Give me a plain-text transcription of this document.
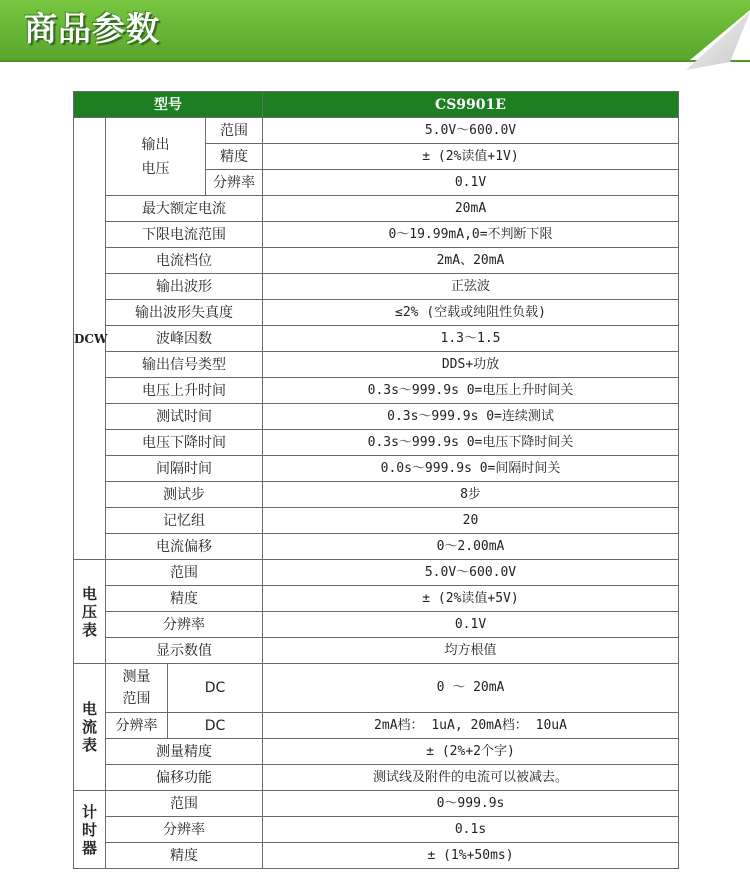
商品参数
型号				CS9901E
DCW	输出电压		范围	5.0V～600.0V
			精度	± (2%读值+1V)
			分辨率	0.1V
	最大额定电流			20mA
	下限电流范围			0～19.99mA,0=不判断下限
	电流档位			2mA、20mA
	输出波形			正弦波
	输出波形失真度			≤2% (空载或纯阻性负载)
	波峰因数			1.3～1.5
	输出信号类型			DDS+功放
	电压上升时间			0.3s～999.9s 0=电压上升时间关
	测试时间			0.3s～999.9s 0=连续测试
	电压下降时间			0.3s～999.9s 0=电压下降时间关
	间隔时间			0.0s～999.9s 0=间隔时间关
	测试步			8步
	记忆组			20
	电流偏移			0～2.00mA

电压表	范围			5.0V～600.0V
	精度			± (2%读值+5V)
	分辨率			0.1V
	显示数值			均方根值

电流表	测量范围	DC		0 ～ 20mA
	分辨率	DC		2mA档： 1uA, 20mA档： 10uA
	测量精度			± (2%+2个字)
	偏移功能			测试线及附件的电流可以被减去。

计时器	范围			0～999.9s
	分辨率			0.1s
	精度			± (1%+50ms)
